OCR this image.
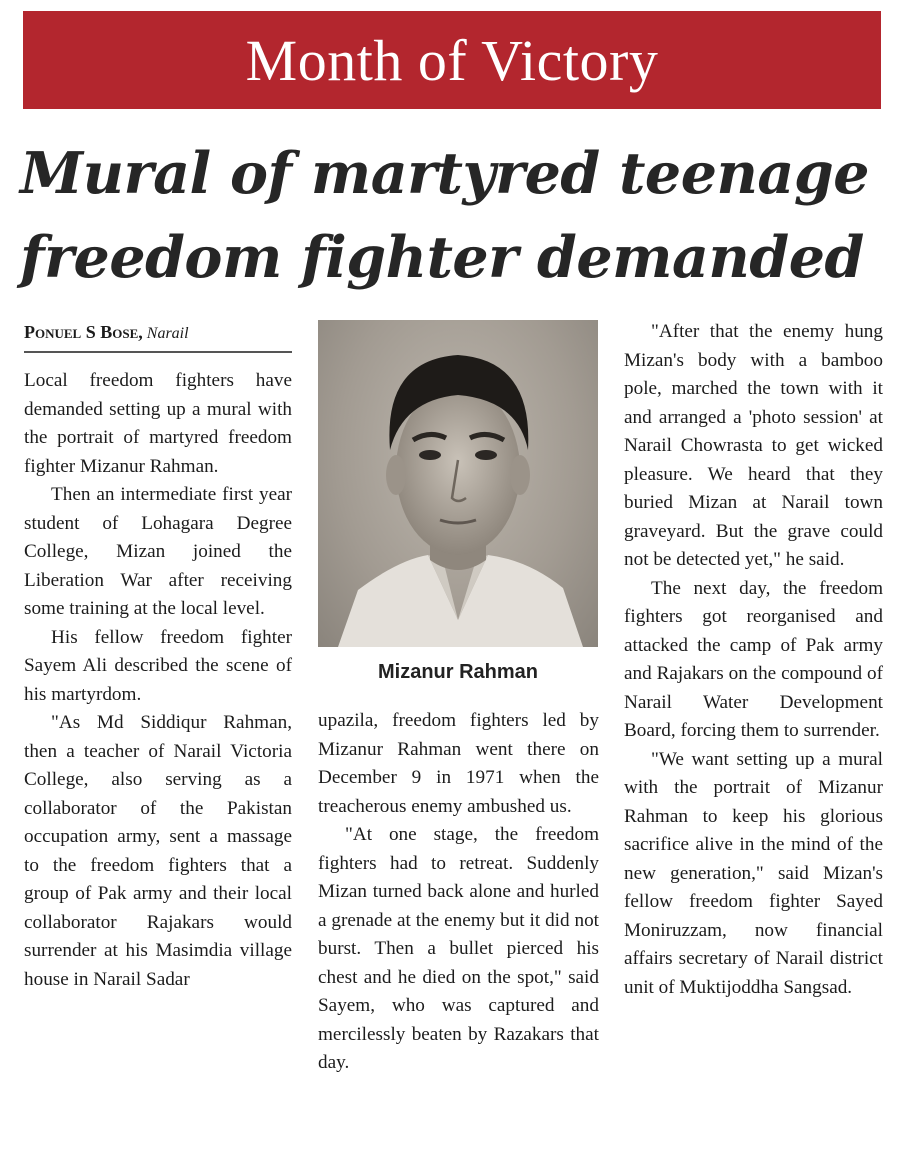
Month of Victory
Mural of martyred teenage
freedom fighter demanded
Ponuel S Bose, Narail

Local freedom fighters have demanded setting up a mural with the portrait of martyred freedom fighter Mizanur Rahman.

Then an intermediate first year student of Lohagara Degree College, Mizan joined the Liberation War after receiving some training at the local level.

His fellow freedom fighter Sayem Ali described the scene of his martyrdom.

"As Md Siddiqur Rahman, then a teacher of Narail Victoria College, also serving as a collaborator of the Pakistan occupation army, sent a massage to the freedom fighters that a group of Pak army and their local collaborator Rajakars would surrender at his Masimdia village house in Narail Sadar

Mizanur Rahman

upazila, freedom fighters led by Mizanur Rahman went there on December 9 in 1971 when the treacherous enemy ambushed us.

"At one stage, the freedom fighters had to retreat. Suddenly Mizan turned back alone and hurled a grenade at the enemy but it did not burst. Then a bullet pierced his chest and he died on the spot," said Sayem, who was captured and mercilessly beaten by Razakars that day.

"After that the enemy hung Mizan's body with a bamboo pole, marched the town with it and arranged a 'photo session' at Narail Chowrasta to get wicked pleasure. We heard that they buried Mizan at Narail town graveyard. But the grave could not be detected yet," he said.

The next day, the freedom fighters got reorganised and attacked the camp of Pak army and Rajakars on the compound of Narail Water Development Board, forcing them to surrender.

"We want setting up a mural with the portrait of Mizanur Rahman to keep his glorious sacrifice alive in the mind of the new generation," said Mizan's fellow freedom fighter Sayed Moniruzzam, now financial affairs secretary of Narail district unit of Muktijoddha Sangsad.
